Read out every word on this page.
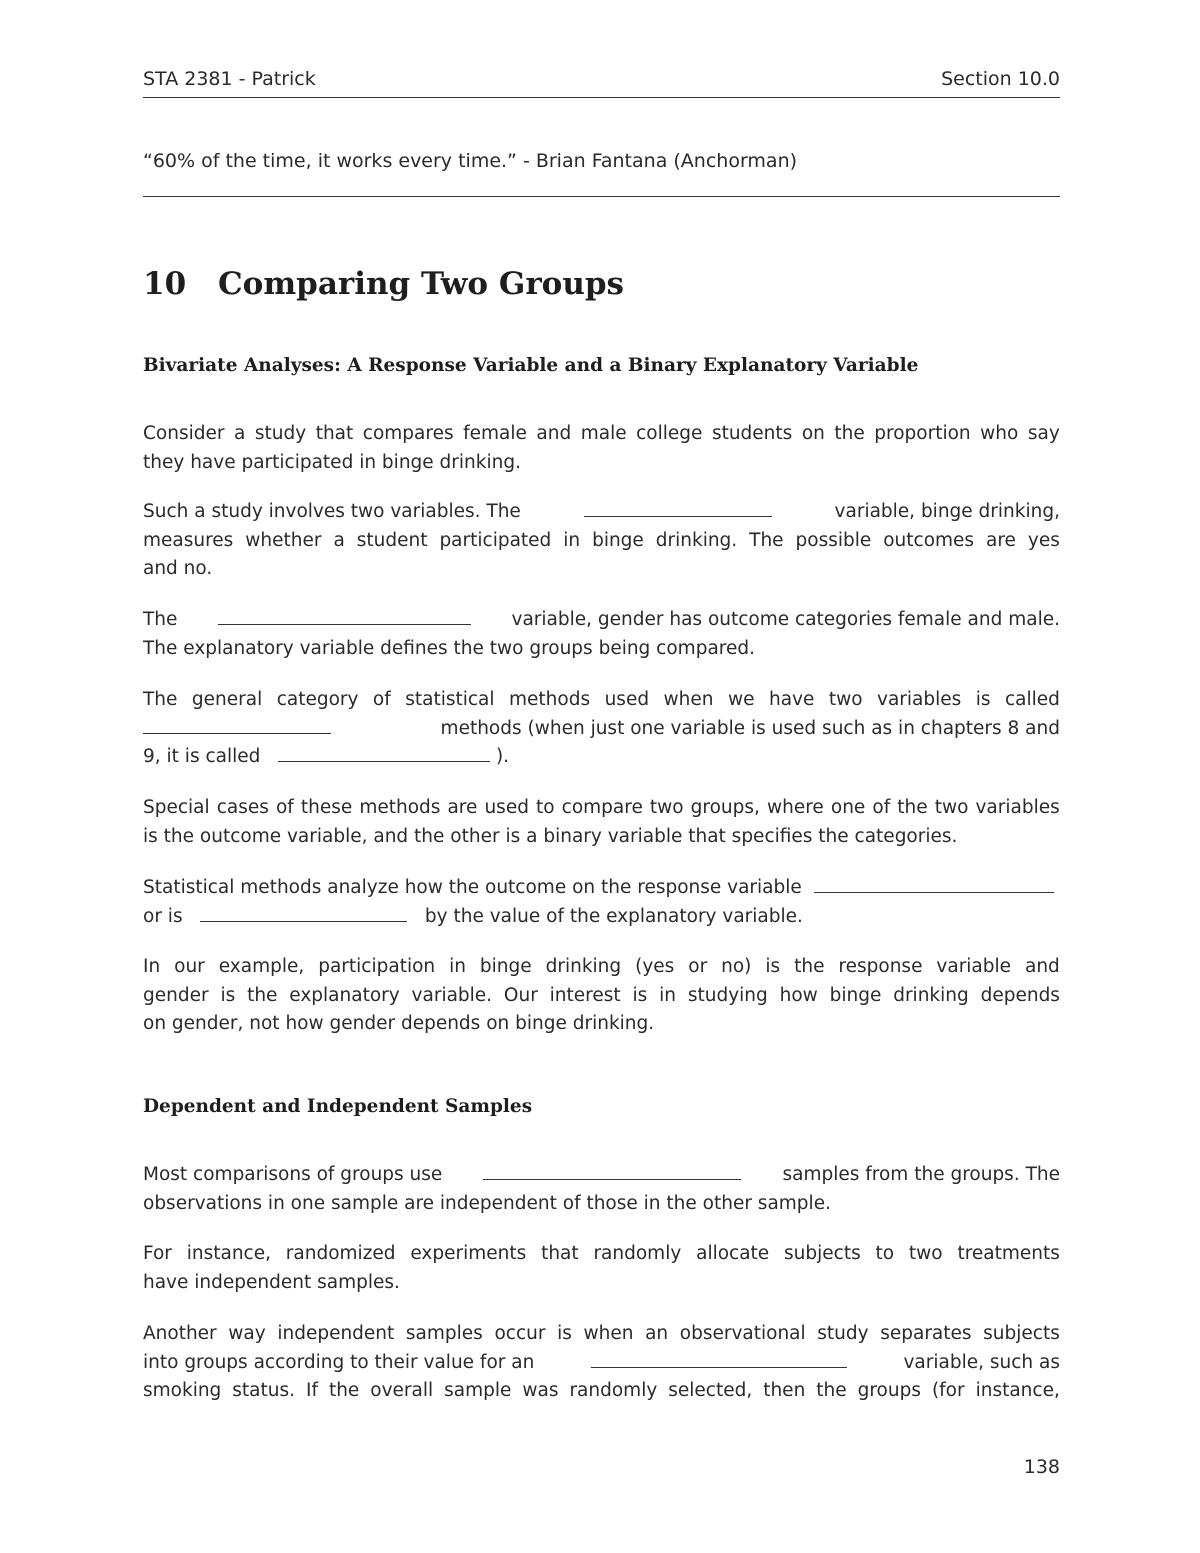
STA 2381 - Patrick	Section 10.0
“60% of the time, it works every time.” - Brian Fantana (Anchorman)
10 Comparing Two Groups
Bivariate Analyses: A Response Variable and a Binary Explanatory Variable
Consider a study that compares female and male college students on the proportion who say
they have participated in binge drinking.
Such a study involves two variables. The	variable, binge drinking,
measures whether a student participated in binge drinking. The possible outcomes are yes
and no.
The	variable, gender has outcome categories female and male.
The explanatory variable defines the two groups being compared.
The general category of statistical methods used when we have two variables is called
methods (when just one variable is used such as in chapters 8 and
9, it is called	).
Special cases of these methods are used to compare two groups, where one of the two variables
is the outcome variable, and the other is a binary variable that specifies the categories.
Statistical methods analyze how the outcome on the response variable
or is	by the value of the explanatory variable.
In our example, participation in binge drinking (yes or no) is the response variable and
gender is the explanatory variable. Our interest is in studying how binge drinking depends
on gender, not how gender depends on binge drinking.
Dependent and Independent Samples
Most comparisons of groups use	samples from the groups. The
observations in one sample are independent of those in the other sample.
For instance, randomized experiments that randomly allocate subjects to two treatments
have independent samples.
Another way independent samples occur is when an observational study separates subjects
into groups according to their value for an	variable, such as
smoking status. If the overall sample was randomly selected, then the groups (for instance,
138
